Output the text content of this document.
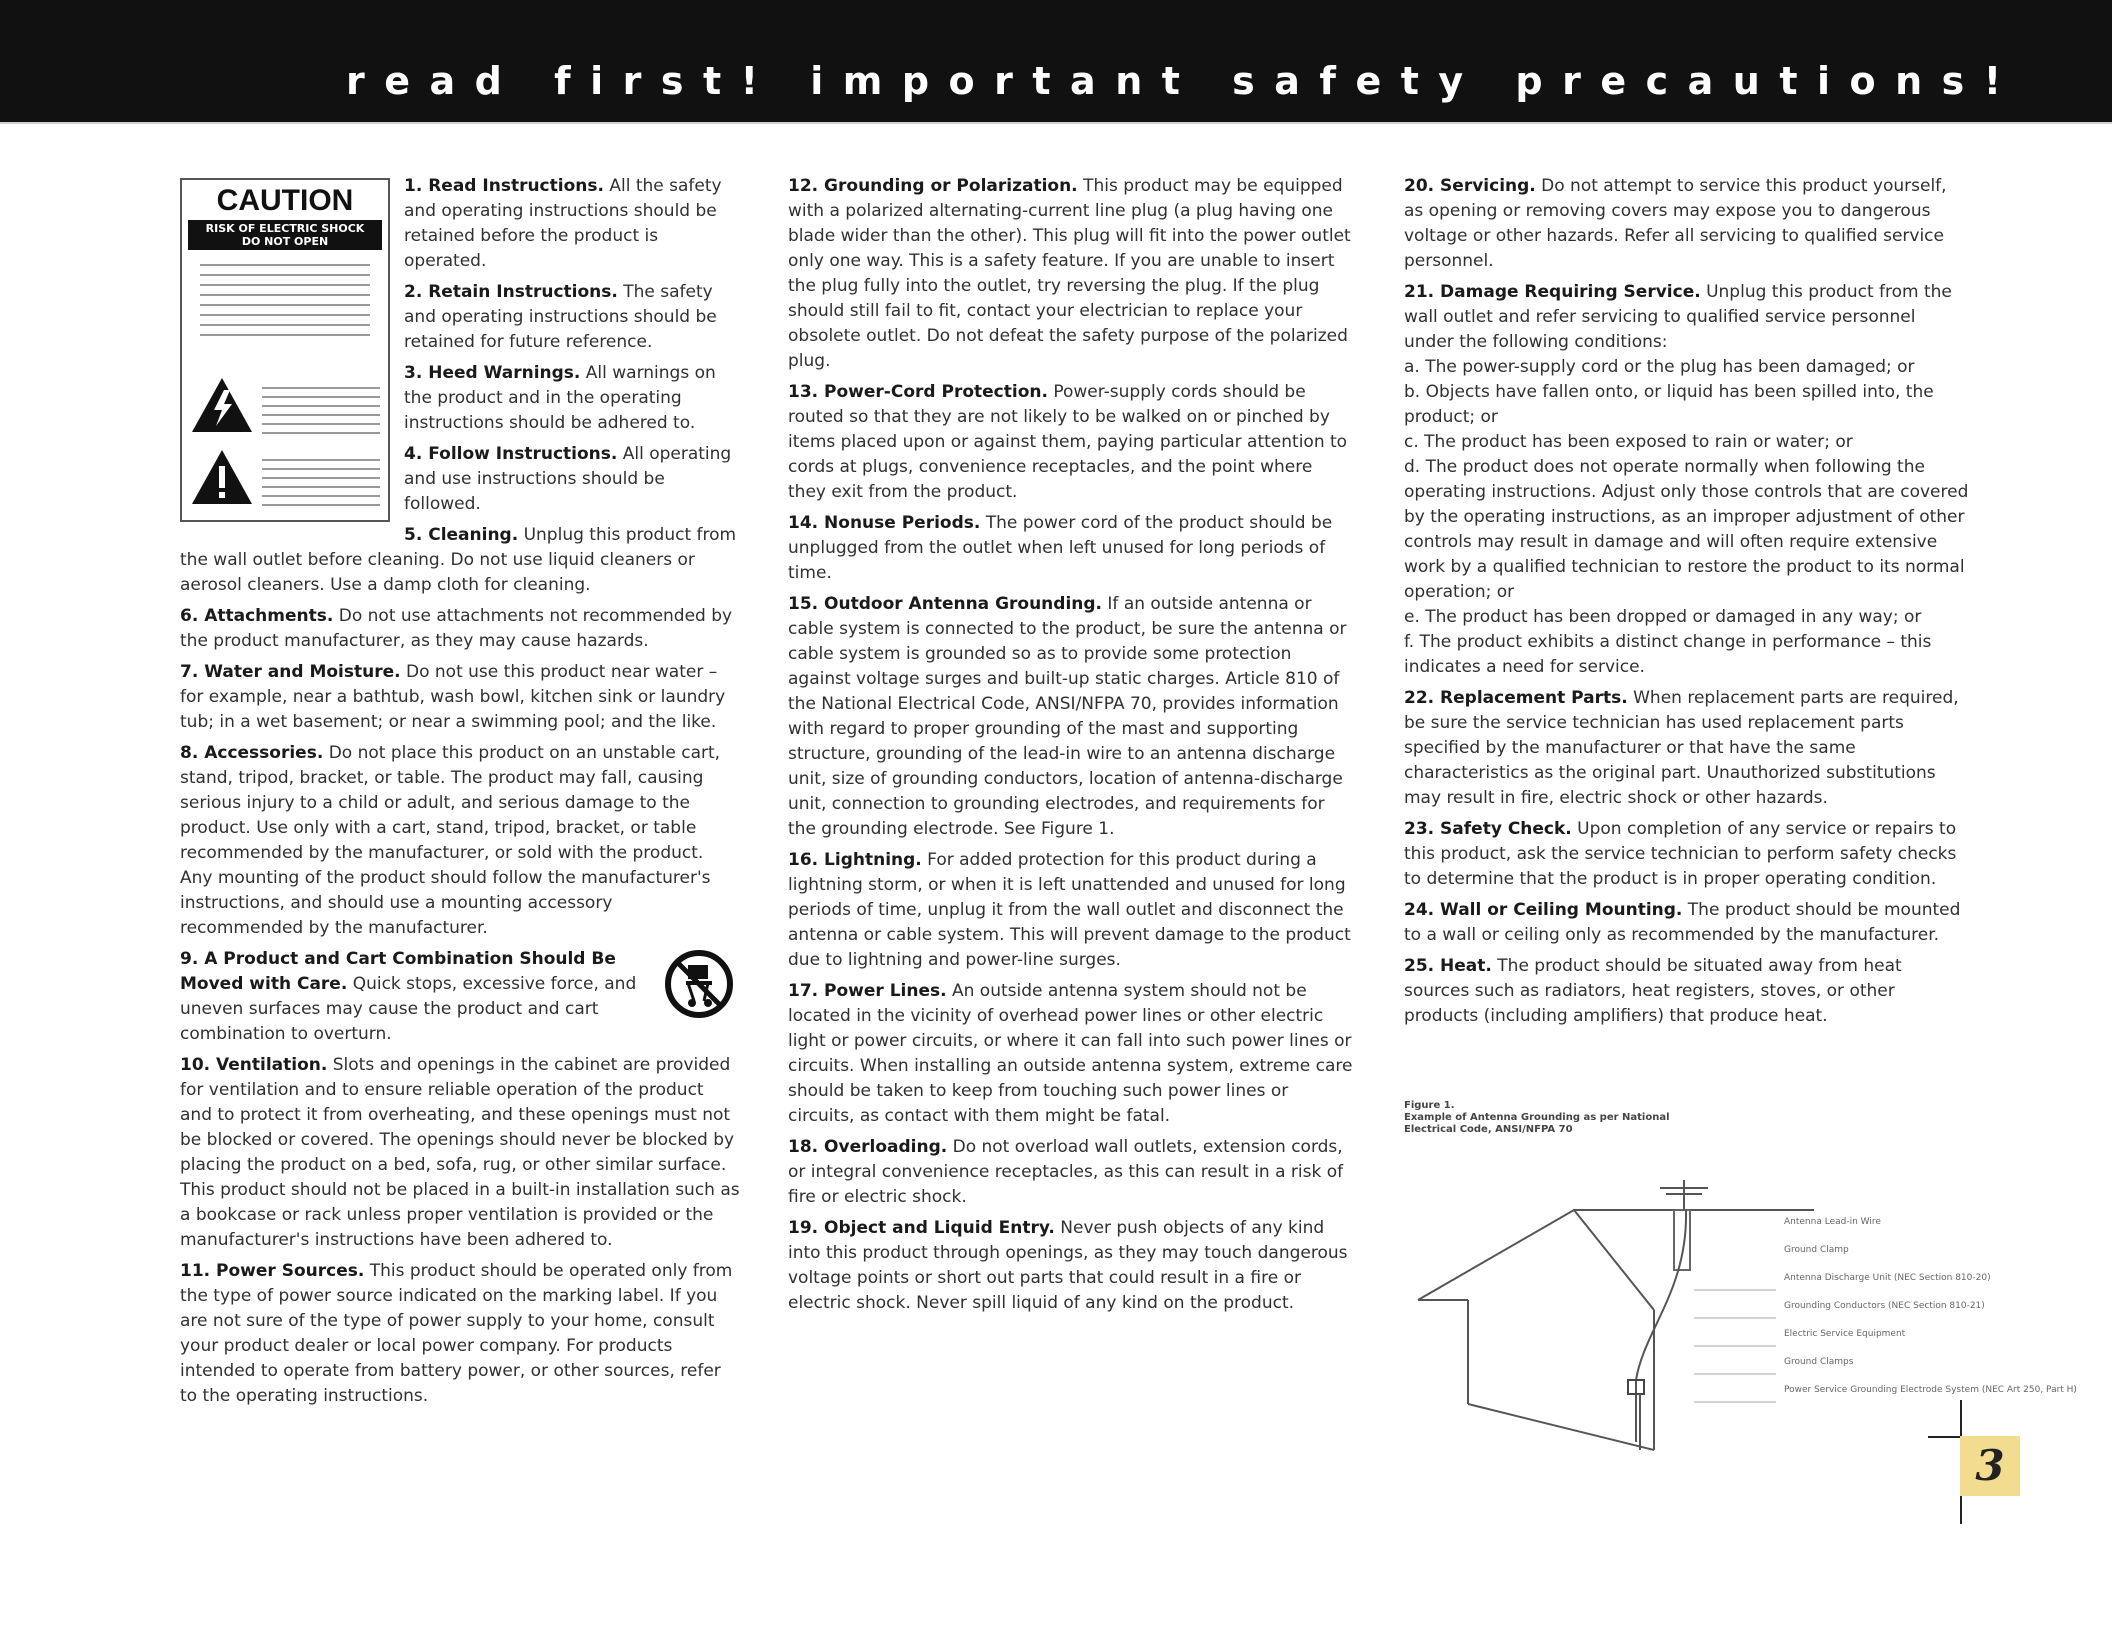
read first! important safety precautions!
CAUTION
RISK OF ELECTRIC SHOCK
DO NOT OPEN

1. Read Instructions. All the safety and operating instructions should be retained before the product is operated.

2. Retain Instructions. The safety and operating instructions should be retained for future reference.

3. Heed Warnings. All warnings on the product and in the operating instructions should be adhered to.

4. Follow Instructions. All operating and use instructions should be followed.

5. Cleaning. Unplug this product from the wall outlet before cleaning. Do not use liquid cleaners or aerosol cleaners. Use a damp cloth for cleaning.

6. Attachments. Do not use attachments not recommended by the product manufacturer, as they may cause hazards.

7. Water and Moisture. Do not use this product near water – for example, near a bathtub, wash bowl, kitchen sink or laundry tub; in a wet basement; or near a swimming pool; and the like.

8. Accessories. Do not place this product on an unstable cart, stand, tripod, bracket, or table. The product may fall, causing serious injury to a child or adult, and serious damage to the product. Use only with a cart, stand, tripod, bracket, or table recommended by the manufacturer, or sold with the product. Any mounting of the product should follow the manufacturer's instructions, and should use a mounting accessory recommended by the manufacturer.

9. A Product and Cart Combination Should Be Moved with Care. Quick stops, excessive force, and uneven surfaces may cause the product and cart combination to overturn.

10. Ventilation. Slots and openings in the cabinet are provided for ventilation and to ensure reliable operation of the product and to protect it from overheating, and these openings must not be blocked or covered. The openings should never be blocked by placing the product on a bed, sofa, rug, or other similar surface. This product should not be placed in a built-in installation such as a bookcase or rack unless proper ventilation is provided or the manufacturer's instructions have been adhered to.

11. Power Sources. This product should be operated only from the type of power source indicated on the marking label. If you are not sure of the type of power supply to your home, consult your product dealer or local power company. For products intended to operate from battery power, or other sources, refer to the operating instructions.

12. Grounding or Polarization. This product may be equipped with a polarized alternating-current line plug (a plug having one blade wider than the other). This plug will fit into the power outlet only one way. This is a safety feature. If you are unable to insert the plug fully into the outlet, try reversing the plug. If the plug should still fail to fit, contact your electrician to replace your obsolete outlet. Do not defeat the safety purpose of the polarized plug.

13. Power-Cord Protection. Power-supply cords should be routed so that they are not likely to be walked on or pinched by items placed upon or against them, paying particular attention to cords at plugs, convenience receptacles, and the point where they exit from the product.

14. Nonuse Periods. The power cord of the product should be unplugged from the outlet when left unused for long periods of time.

15. Outdoor Antenna Grounding. If an outside antenna or cable system is connected to the product, be sure the antenna or cable system is grounded so as to provide some protection against voltage surges and built-up static charges. Article 810 of the National Electrical Code, ANSI/NFPA 70, provides information with regard to proper grounding of the mast and supporting structure, grounding of the lead-in wire to an antenna discharge unit, size of grounding conductors, location of antenna-discharge unit, connection to grounding electrodes, and requirements for the grounding electrode. See Figure 1.

16. Lightning. For added protection for this product during a lightning storm, or when it is left unattended and unused for long periods of time, unplug it from the wall outlet and disconnect the antenna or cable system. This will prevent damage to the product due to lightning and power-line surges.

17. Power Lines. An outside antenna system should not be located in the vicinity of overhead power lines or other electric light or power circuits, or where it can fall into such power lines or circuits. When installing an outside antenna system, extreme care should be taken to keep from touching such power lines or circuits, as contact with them might be fatal.

18. Overloading. Do not overload wall outlets, extension cords, or integral convenience receptacles, as this can result in a risk of fire or electric shock.

19. Object and Liquid Entry. Never push objects of any kind into this product through openings, as they may touch dangerous voltage points or short out parts that could result in a fire or electric shock. Never spill liquid of any kind on the product.

20. Servicing. Do not attempt to service this product yourself, as opening or removing covers may expose you to dangerous voltage or other hazards. Refer all servicing to qualified service personnel.

21. Damage Requiring Service. Unplug this product from the wall outlet and refer servicing to qualified service personnel under the following conditions:

a. The power-supply cord or the plug has been damaged; or
b. Objects have fallen onto, or liquid has been spilled into, the product; or
c. The product has been exposed to rain or water; or
d. The product does not operate normally when following the operating instructions. Adjust only those controls that are covered by the operating instructions, as an improper adjustment of other controls may result in damage and will often require extensive work by a qualified technician to restore the product to its normal operation; or
e. The product has been dropped or damaged in any way; or
f. The product exhibits a distinct change in performance – this indicates a need for service.

22. Replacement Parts. When replacement parts are required, be sure the service technician has used replacement parts specified by the manufacturer or that have the same characteristics as the original part. Unauthorized substitutions may result in fire, electric shock or other hazards.

23. Safety Check. Upon completion of any service or repairs to this product, ask the service technician to perform safety checks to determine that the product is in proper operating condition.

24. Wall or Ceiling Mounting. The product should be mounted to a wall or ceiling only as recommended by the manufacturer.

25. Heat. The product should be situated away from heat sources such as radiators, heat registers, stoves, or other products (including amplifiers) that produce heat.

Figure 1.
Example of Antenna Grounding as per National
Electrical Code, ANSI/NFPA 70
Antenna Lead-in Wire
Ground Clamp
Antenna Discharge Unit (NEC Section 810-20)
Grounding Conductors (NEC Section 810-21)
Electric Service Equipment
Ground Clamps
Power Service Grounding Electrode System (NEC Art 250, Part H)
3
